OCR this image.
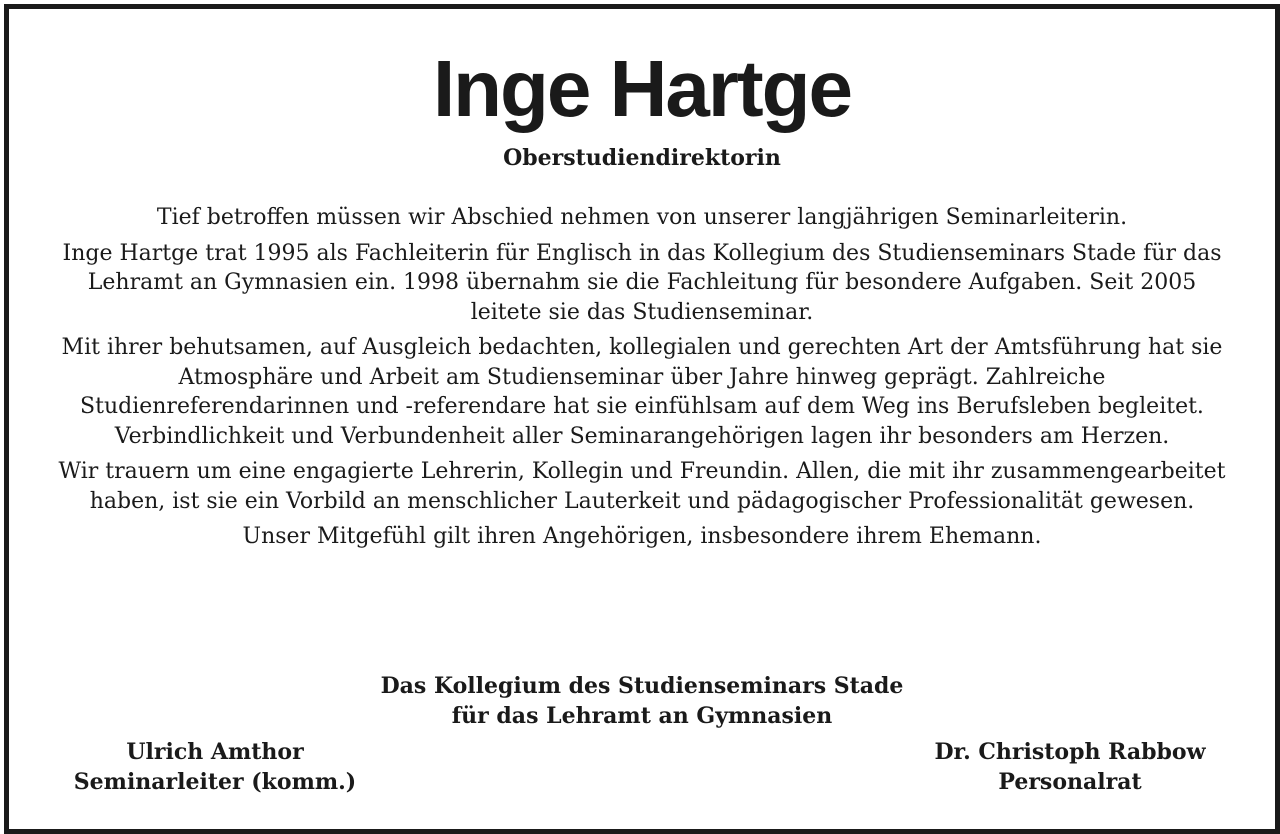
Inge Hartge
Oberstudiendirektorin

Tief betroffen müssen wir Abschied nehmen von unserer langjährigen Seminarleiterin.

Inge Hartge trat 1995 als Fachleiterin für Englisch in das Kollegium des Studienseminars Stade für das Lehramt an Gymnasien ein. 1998 übernahm sie die Fachleitung für besondere Aufgaben. Seit 2005 leitete sie das Studienseminar.

Mit ihrer behutsamen, auf Ausgleich bedachten, kollegialen und gerechten Art der Amtsführung hat sie Atmosphäre und Arbeit am Studienseminar über Jahre hinweg geprägt. Zahlreiche Studienreferendarinnen und -referendare hat sie einfühlsam auf dem Weg ins Berufsleben begleitet. Verbindlichkeit und Verbundenheit aller Seminarangehörigen lagen ihr besonders am Herzen.

Wir trauern um eine engagierte Lehrerin, Kollegin und Freundin. Allen, die mit ihr zusammengearbeitet haben, ist sie ein Vorbild an menschlicher Lauterkeit und pädagogischer Professionalität gewesen.

Unser Mitgefühl gilt ihren Angehörigen, insbesondere ihrem Ehemann.

Das Kollegium des Studienseminars Stade
für das Lehramt an Gymnasien
Ulrich Amthor
Seminarleiter (komm.)
Dr. Christoph Rabbow
Personalrat
